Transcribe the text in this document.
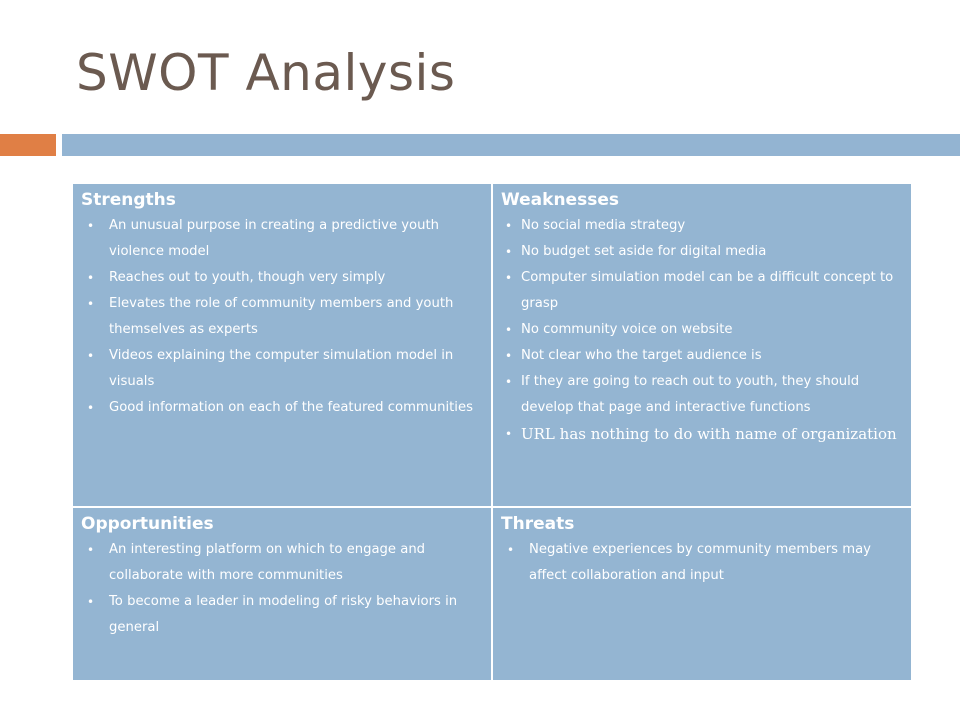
SWOT Analysis
Strengths
• An unusual purpose in creating a predictive youth violence model
• Reaches out to youth, though very simply
• Elevates the role of community members and youth themselves as experts
• Videos explaining the computer simulation model in visuals
• Good information on each of the featured communities
Weaknesses
• No social media strategy
• No budget set aside for digital media
• Computer simulation model can be a difficult concept to grasp
• No community voice on website
• Not clear who the target audience is
• If they are going to reach out to youth, they should develop that page and interactive functions
• URL has nothing to do with name of organization
Opportunities
• An interesting platform on which to engage and collaborate with more communities
• To become a leader in modeling of risky behaviors in general
Threats
• Negative experiences by community members may affect collaboration and input
